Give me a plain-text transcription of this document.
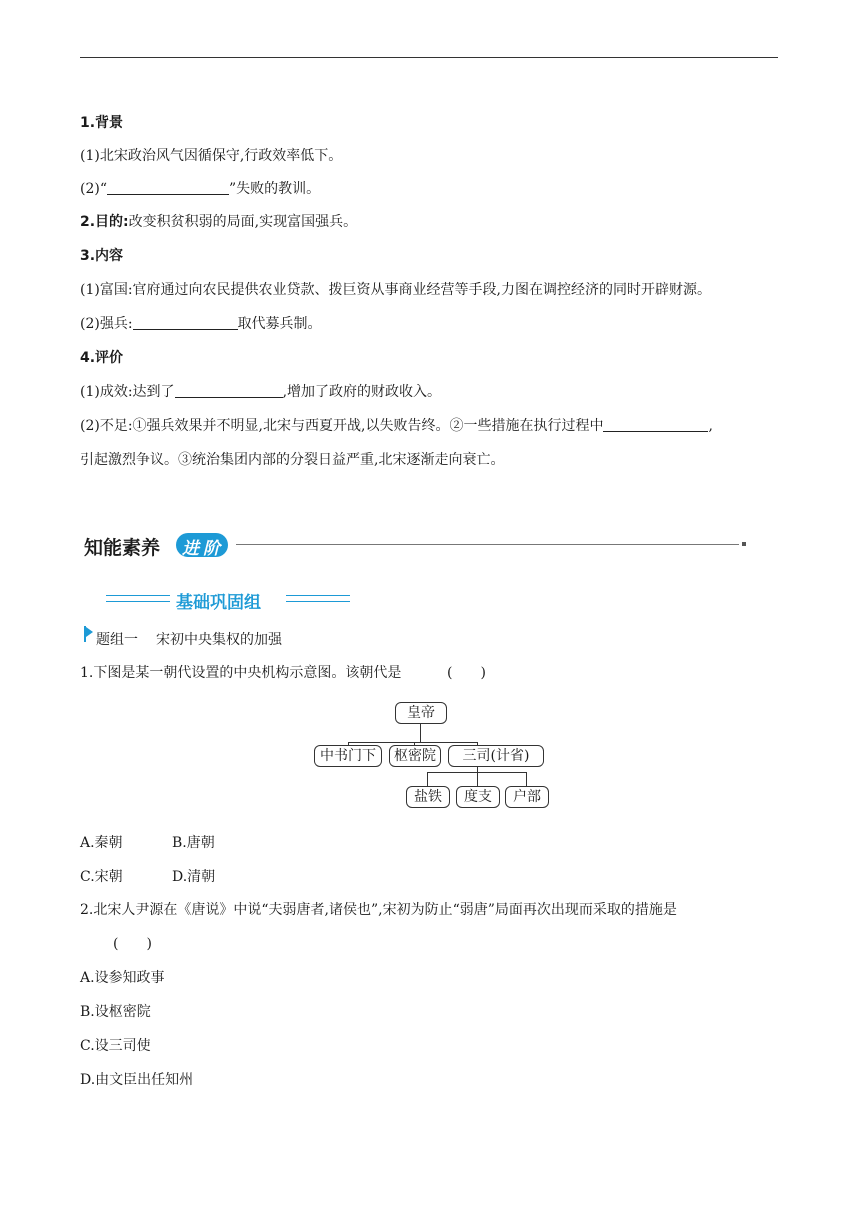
1.背景
(1)北宋政治风气因循保守,行政效率低下。
(2)“	”失败的教训。
2.目的:改变积贫积弱的局面,实现富国强兵。
3.内容
(1)富国:官府通过向农民提供农业贷款、拨巨资从事商业经营等手段,力图在调控经济的同时开辟财源。
(2)强兵:	取代募兵制。
4.评价
(1)成效:达到了	,增加了政府的财政收入。
(2)不足:①强兵效果并不明显,北宋与西夏开战,以失败告终。②一些措施在执行过程中	,
引起激烈争议。③统治集团内部的分裂日益严重,北宋逐渐走向衰亡。
知能素养 进 阶
基础巩固组
题组一 宋初中央集权的加强
1.下图是某一朝代设置的中央机构示意图。该朝代是	(　　)
皇帝
中书门下	枢密院	三司(计省)
盐铁	度支	户部
A.秦朝	B.唐朝
C.宋朝	D.清朝
2.北宋人尹源在《唐说》中说“夫弱唐者,诸侯也”,宋初为防止“弱唐”局面再次出现而采取的措施是
(　　)
A.设参知政事
B.设枢密院
C.设三司使
D.由文臣出任知州
